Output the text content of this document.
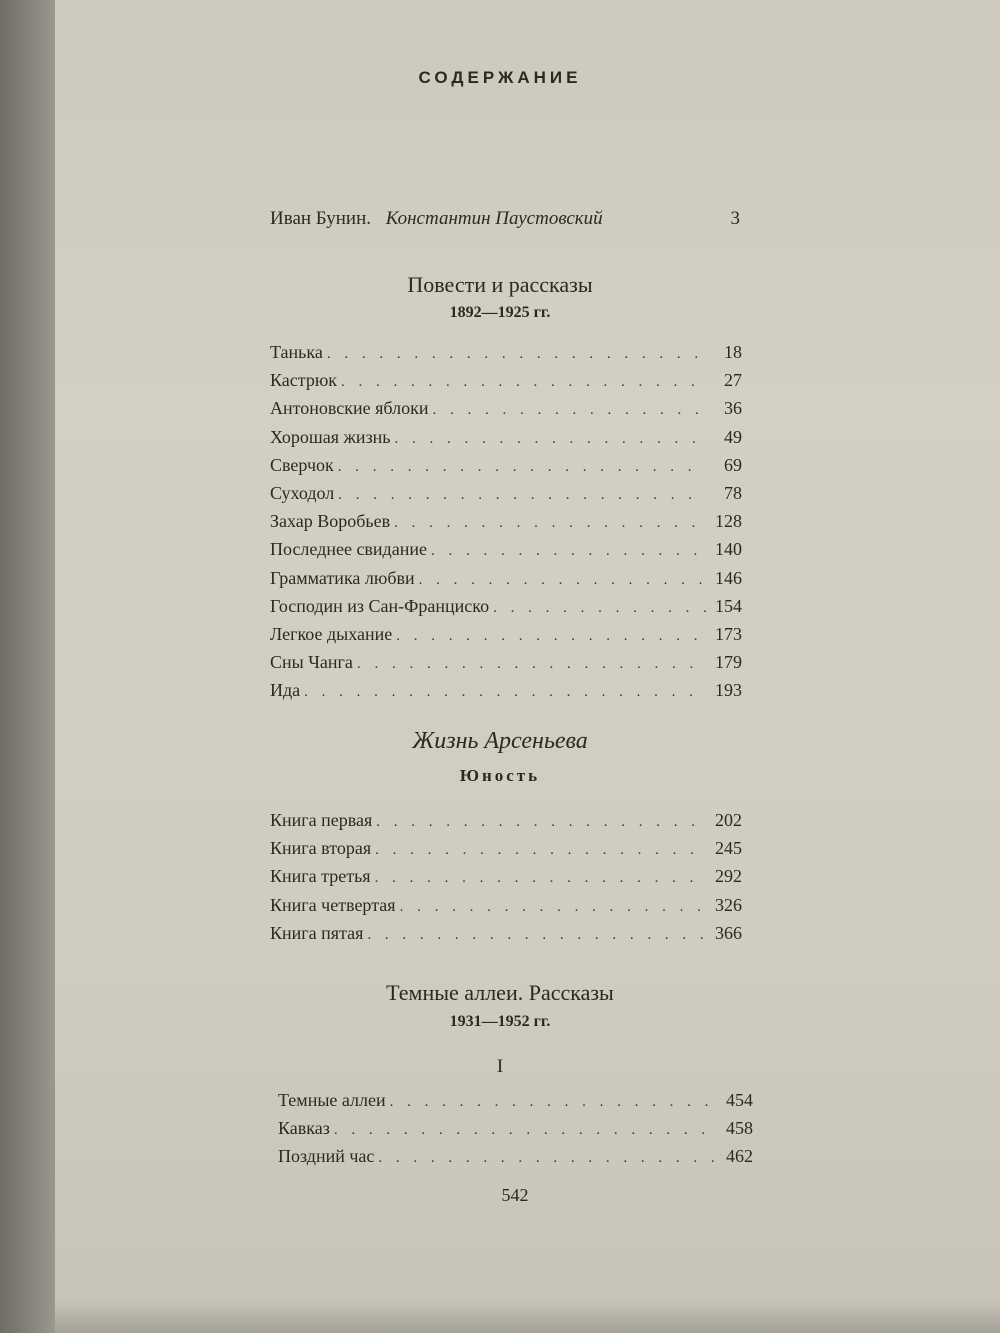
СОДЕРЖАНИЕ
Иван Бунин. Константин Паустовский	3
Повести и рассказы
1892—1925 гг.
Танька . . .	18
Кастрюк . . .	27
Антоновские яблоки . . .	36
Хорошая жизнь . . .	49
Сверчок . . .	69
Суходол . . .	78
Захар Воробьев . . .	128
Последнее свидание . . .	140
Грамматика любви . . .	146
Господин из Сан-Франциско . . .	154
Легкое дыхание . . .	173
Сны Чанга . . .	179
Ида . . .	193
Жизнь Арсеньева
Юность
Книга первая . . .	202
Книга вторая . . .	245
Книга третья . . .	292
Книга четвертая . . .	326
Книга пятая . . .	366
Темные аллеи. Рассказы
1931—1952 гг.
I
Темные аллеи . . .	454
Кавказ . . .	458
Поздний час . . .	462
542
